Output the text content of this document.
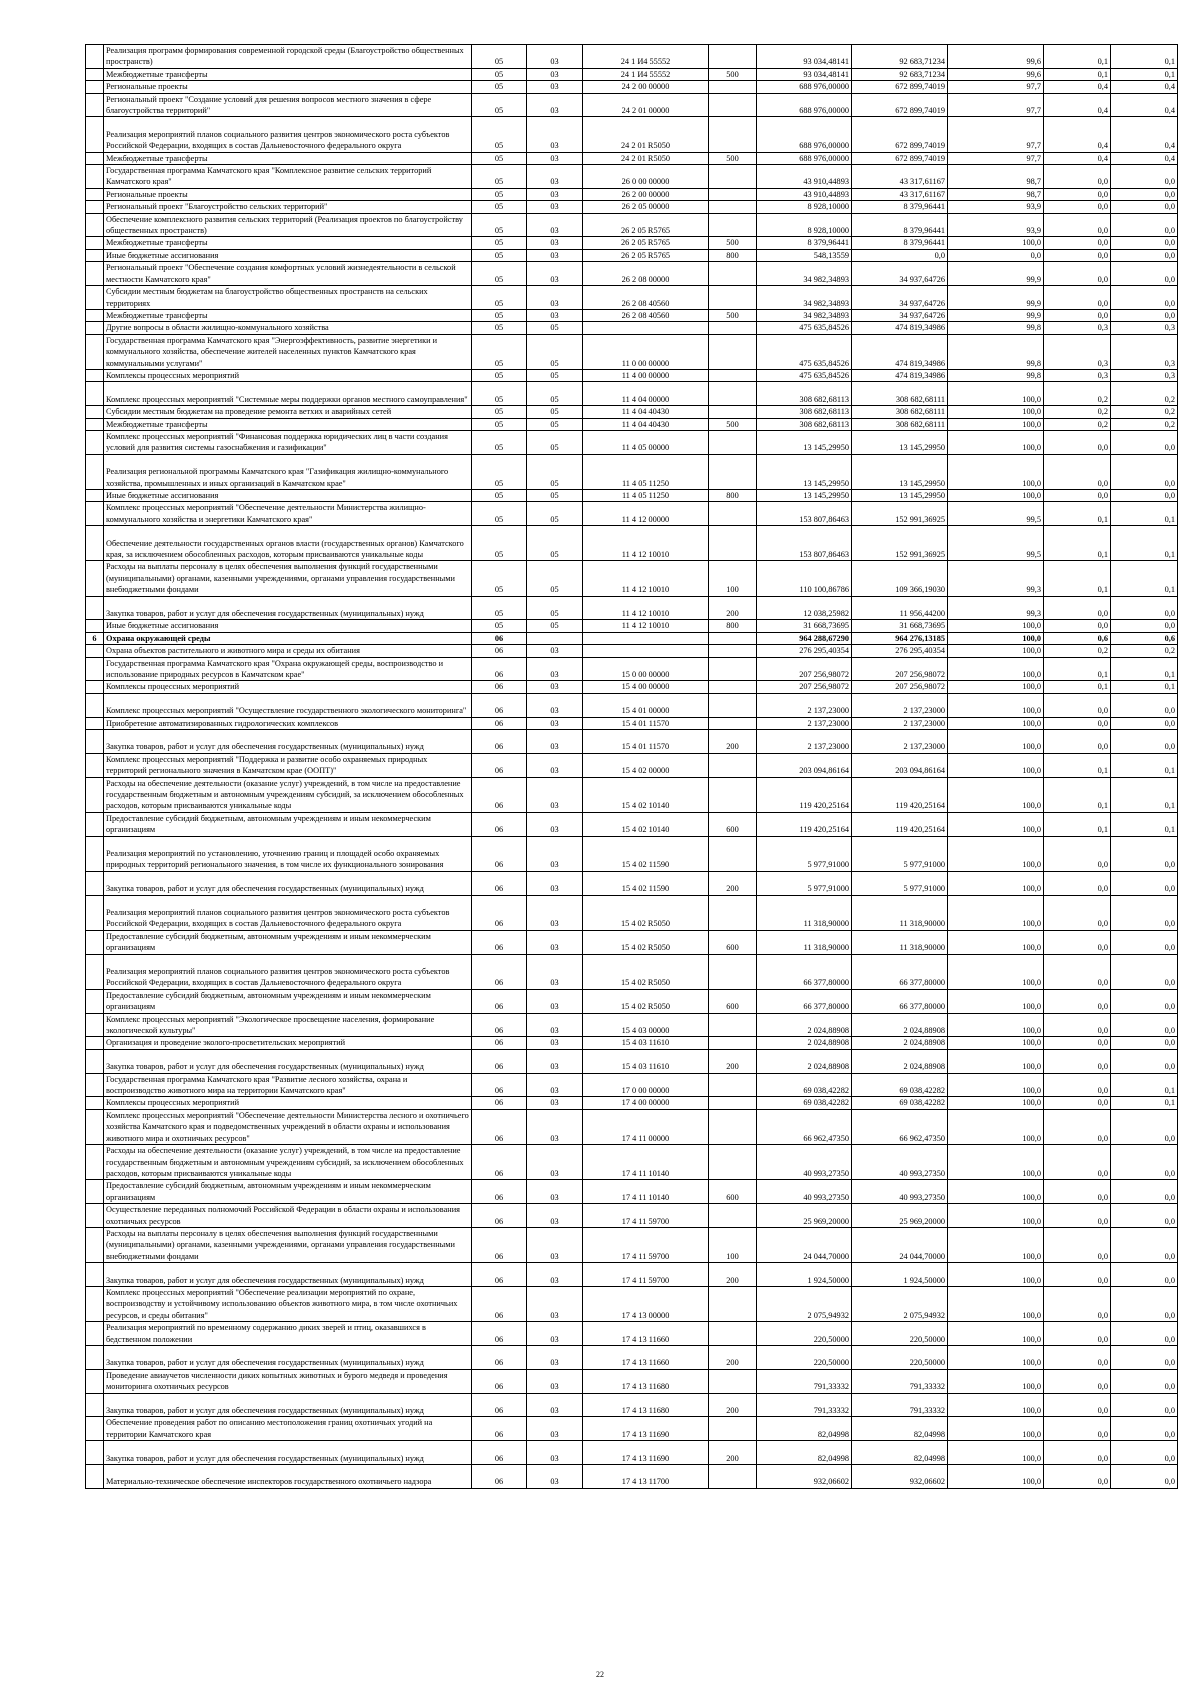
	Реализация программ формирования современной городской среды (Благоустройство общественных пространств)	05	03	24 1 И4 55552		93 034,48141	92 683,71234	99,6	0,1	0,1
	Межбюджетные трансферты	05	03	24 1 И4 55552	500	93 034,48141	92 683,71234	99,6	0,1	0,1
	Региональные проекты	05	03	24 2 00 00000		688 976,00000	672 899,74019	97,7	0,4	0,4
	Региональный проект "Создание условий для решения вопросов местного значения в сфере благоустройства территорий"	05	03	24 2 01 00000		688 976,00000	672 899,74019	97,7	0,4	0,4
	Реализация мероприятий планов социального развития центров экономического роста субъектов Российской Федерации, входящих в состав Дальневосточного федерального округа	05	03	24 2 01 R5050		688 976,00000	672 899,74019	97,7	0,4	0,4
	Межбюджетные трансферты	05	03	24 2 01 R5050	500	688 976,00000	672 899,74019	97,7	0,4	0,4
	Государственная программа Камчатского края "Комплексное развитие сельских территорий Камчатского края"	05	03	26 0 00 00000		43 910,44893	43 317,61167	98,7	0,0	0,0
	Региональные проекты	05	03	26 2 00 00000		43 910,44893	43 317,61167	98,7	0,0	0,0
	Региональный проект "Благоустройство сельских территорий"	05	03	26 2 05 00000		8 928,10000	8 379,96441	93,9	0,0	0,0
	Обеспечение комплексного развития сельских территорий (Реализация проектов по благоустройству общественных пространств)	05	03	26 2 05 R5765		8 928,10000	8 379,96441	93,9	0,0	0,0
	Межбюджетные трансферты	05	03	26 2 05 R5765	500	8 379,96441	8 379,96441	100,0	0,0	0,0
	Иные бюджетные ассигнования	05	03	26 2 05 R5765	800	548,13559	0,0	0,0	0,0	0,0
	Региональный проект "Обеспечение создания комфортных условий жизнедеятельности в сельской местности Камчатского края"	05	03	26 2 08 00000		34 982,34893	34 937,64726	99,9	0,0	0,0
	Субсидии местным бюджетам на благоустройство общественных пространств на сельских территориях	05	03	26 2 08 40560		34 982,34893	34 937,64726	99,9	0,0	0,0
	Межбюджетные трансферты	05	03	26 2 08 40560	500	34 982,34893	34 937,64726	99,9	0,0	0,0
	Другие вопросы в области жилищно-коммунального хозяйства	05	05			475 635,84526	474 819,34986	99,8	0,3	0,3
	Государственная программа Камчатского края "Энергоэффективность, развитие энергетики и коммунального хозяйства, обеспечение жителей населенных пунктов Камчатского края коммунальными услугами"	05	05	11 0 00 00000		475 635,84526	474 819,34986	99,8	0,3	0,3
	Комплексы процессных мероприятий	05	05	11 4 00 00000		475 635,84526	474 819,34986	99,8	0,3	0,3
	Комплекс процессных мероприятий "Системные меры поддержки органов местного самоуправления"	05	05	11 4 04 00000		308 682,68113	308 682,68111	100,0	0,2	0,2
	Субсидии местным бюджетам на проведение ремонта ветхих и аварийных сетей	05	05	11 4 04 40430		308 682,68113	308 682,68111	100,0	0,2	0,2
	Межбюджетные трансферты	05	05	11 4 04 40430	500	308 682,68113	308 682,68111	100,0	0,2	0,2
	Комплекс процессных мероприятий "Финансовая поддержка юридических лиц в части создания условий для развития системы газоснабжения и газификации"	05	05	11 4 05 00000		13 145,29950	13 145,29950	100,0	0,0	0,0
	Реализация региональной программы Камчатского края "Газификация жилищно-коммунального хозяйства, промышленных и иных организаций в Камчатском крае"	05	05	11 4 05 11250		13 145,29950	13 145,29950	100,0	0,0	0,0
	Иные бюджетные ассигнования	05	05	11 4 05 11250	800	13 145,29950	13 145,29950	100,0	0,0	0,0
	Комплекс процессных мероприятий "Обеспечение деятельности Министерства жилищно-коммунального хозяйства и энергетики Камчатского края"	05	05	11 4 12 00000		153 807,86463	152 991,36925	99,5	0,1	0,1
	Обеспечение деятельности государственных органов власти (государственных органов) Камчатского края, за исключением обособленных расходов, которым присваиваются уникальные коды	05	05	11 4 12 10010		153 807,86463	152 991,36925	99,5	0,1	0,1
	Расходы на выплаты персоналу в целях обеспечения выполнения функций государственными (муниципальными) органами, казенными учреждениями, органами управления государственными внебюджетными фондами	05	05	11 4 12 10010	100	110 100,86786	109 366,19030	99,3	0,1	0,1
	Закупка товаров, работ и услуг для обеспечения государственных (муниципальных) нужд	05	05	11 4 12 10010	200	12 038,25982	11 956,44200	99,3	0,0	0,0
	Иные бюджетные ассигнования	05	05	11 4 12 10010	800	31 668,73695	31 668,73695	100,0	0,0	0,0
6	Охрана окружающей среды	06				964 288,67290	964 276,13185	100,0	0,6	0,6
	Охрана объектов растительного и животного мира и среды их обитания	06	03			276 295,40354	276 295,40354	100,0	0,2	0,2
	Государственная программа Камчатского края "Охрана окружающей среды, воспроизводство и использование природных ресурсов в Камчатском крае"	06	03	15 0 00 00000		207 256,98072	207 256,98072	100,0	0,1	0,1
	Комплексы процессных мероприятий	06	03	15 4 00 00000		207 256,98072	207 256,98072	100,0	0,1	0,1
	Комплекс процессных мероприятий "Осуществление государственного экологического мониторинга"	06	03	15 4 01 00000		2 137,23000	2 137,23000	100,0	0,0	0,0
	Приобретение автоматизированных гидрологических комплексов	06	03	15 4 01 11570		2 137,23000	2 137,23000	100,0	0,0	0,0
	Закупка товаров, работ и услуг для обеспечения государственных (муниципальных) нужд	06	03	15 4 01 11570	200	2 137,23000	2 137,23000	100,0	0,0	0,0
	Комплекс процессных мероприятий "Поддержка и развитие особо охраняемых природных территорий регионального значения в Камчатском крае (ООПТ)"	06	03	15 4 02 00000		203 094,86164	203 094,86164	100,0	0,1	0,1
	Расходы на обеспечение деятельности (оказание услуг) учреждений, в том числе на предоставление государственным бюджетным и автономным учреждениям субсидий, за исключением обособленных расходов, которым присваиваются уникальные коды	06	03	15 4 02 10140		119 420,25164	119 420,25164	100,0	0,1	0,1
	Предоставление субсидий бюджетным, автономным учреждениям и иным некоммерческим организациям	06	03	15 4 02 10140	600	119 420,25164	119 420,25164	100,0	0,1	0,1
	Реализация мероприятий по установлению, уточнению границ и площадей особо охраняемых природных территорий регионального значения, в том числе их функционального зонирования	06	03	15 4 02 11590		5 977,91000	5 977,91000	100,0	0,0	0,0
	Закупка товаров, работ и услуг для обеспечения государственных (муниципальных) нужд	06	03	15 4 02 11590	200	5 977,91000	5 977,91000	100,0	0,0	0,0
	Реализация мероприятий планов социального развития центров экономического роста субъектов Российской Федерации, входящих в состав Дальневосточного федерального округа	06	03	15 4 02 R5050		11 318,90000	11 318,90000	100,0	0,0	0,0
	Предоставление субсидий бюджетным, автономным учреждениям и иным некоммерческим организациям	06	03	15 4 02 R5050	600	11 318,90000	11 318,90000	100,0	0,0	0,0
	Реализация мероприятий планов социального развития центров экономического роста субъектов Российской Федерации, входящих в состав Дальневосточного федерального округа	06	03	15 4 02 R5050		66 377,80000	66 377,80000	100,0	0,0	0,0
	Предоставление субсидий бюджетным, автономным учреждениям и иным некоммерческим организациям	06	03	15 4 02 R5050	600	66 377,80000	66 377,80000	100,0	0,0	0,0
	Комплекс процессных мероприятий "Экологическое просвещение населения, формирование экологической культуры"	06	03	15 4 03 00000		2 024,88908	2 024,88908	100,0	0,0	0,0
	Организация и проведение эколого-просветительских мероприятий	06	03	15 4 03 11610		2 024,88908	2 024,88908	100,0	0,0	0,0
	Закупка товаров, работ и услуг для обеспечения государственных (муниципальных) нужд	06	03	15 4 03 11610	200	2 024,88908	2 024,88908	100,0	0,0	0,0
	Государственная программа Камчатского края "Развитие лесного хозяйства, охрана и воспроизводство животного мира на территории Камчатского края"	06	03	17 0 00 00000		69 038,42282	69 038,42282	100,0	0,0	0,1
	Комплексы процессных мероприятий	06	03	17 4 00 00000		69 038,42282	69 038,42282	100,0	0,0	0,1
	Комплекс процессных мероприятий "Обеспечение деятельности Министерства лесного и охотничьего хозяйства Камчатского края и подведомственных учреждений в области охраны и использования животного мира и охотничьих ресурсов"	06	03	17 4 11 00000		66 962,47350	66 962,47350	100,0	0,0	0,0
	Расходы на обеспечение деятельности (оказание услуг) учреждений, в том числе на предоставление государственным бюджетным и автономным учреждениям субсидий, за исключением обособленных расходов, которым присваиваются уникальные коды	06	03	17 4 11 10140		40 993,27350	40 993,27350	100,0	0,0	0,0
	Предоставление субсидий бюджетным, автономным учреждениям и иным некоммерческим организациям	06	03	17 4 11 10140	600	40 993,27350	40 993,27350	100,0	0,0	0,0
	Осуществление переданных полномочий Российской Федерации в области охраны и использования охотничьих ресурсов	06	03	17 4 11 59700		25 969,20000	25 969,20000	100,0	0,0	0,0
	Расходы на выплаты персоналу в целях обеспечения выполнения функций государственными (муниципальными) органами, казенными учреждениями, органами управления государственными внебюджетными фондами	06	03	17 4 11 59700	100	24 044,70000	24 044,70000	100,0	0,0	0,0
	Закупка товаров, работ и услуг для обеспечения государственных (муниципальных) нужд	06	03	17 4 11 59700	200	1 924,50000	1 924,50000	100,0	0,0	0,0
	Комплекс процессных мероприятий "Обеспечение реализации мероприятий по охране, воспроизводству и устойчивому использованию объектов животного мира, в том числе охотничьих ресурсов, и среды обитания"	06	03	17 4 13 00000		2 075,94932	2 075,94932	100,0	0,0	0,0
	Реализация мероприятий по временному содержанию диких зверей и птиц, оказавшихся в бедственном положении	06	03	17 4 13 11660		220,50000	220,50000	100,0	0,0	0,0
	Закупка товаров, работ и услуг для обеспечения государственных (муниципальных) нужд	06	03	17 4 13 11660	200	220,50000	220,50000	100,0	0,0	0,0
	Проведение авиаучетов численности диких копытных животных и бурого медведя и проведения мониторинга охотничьих ресурсов	06	03	17 4 13 11680		791,33332	791,33332	100,0	0,0	0,0
	Закупка товаров, работ и услуг для обеспечения государственных (муниципальных) нужд	06	03	17 4 13 11680	200	791,33332	791,33332	100,0	0,0	0,0
	Обеспечение проведения работ по описанию местоположения границ охотничьих угодий на территории Камчатского края	06	03	17 4 13 11690		82,04998	82,04998	100,0	0,0	0,0
	Закупка товаров, работ и услуг для обеспечения государственных (муниципальных) нужд	06	03	17 4 13 11690	200	82,04998	82,04998	100,0	0,0	0,0
	Материально-техническое обеспечение инспекторов государственного охотничьего надзора	06	03	17 4 13 11700		932,06602	932,06602	100,0	0,0	0,0
22
